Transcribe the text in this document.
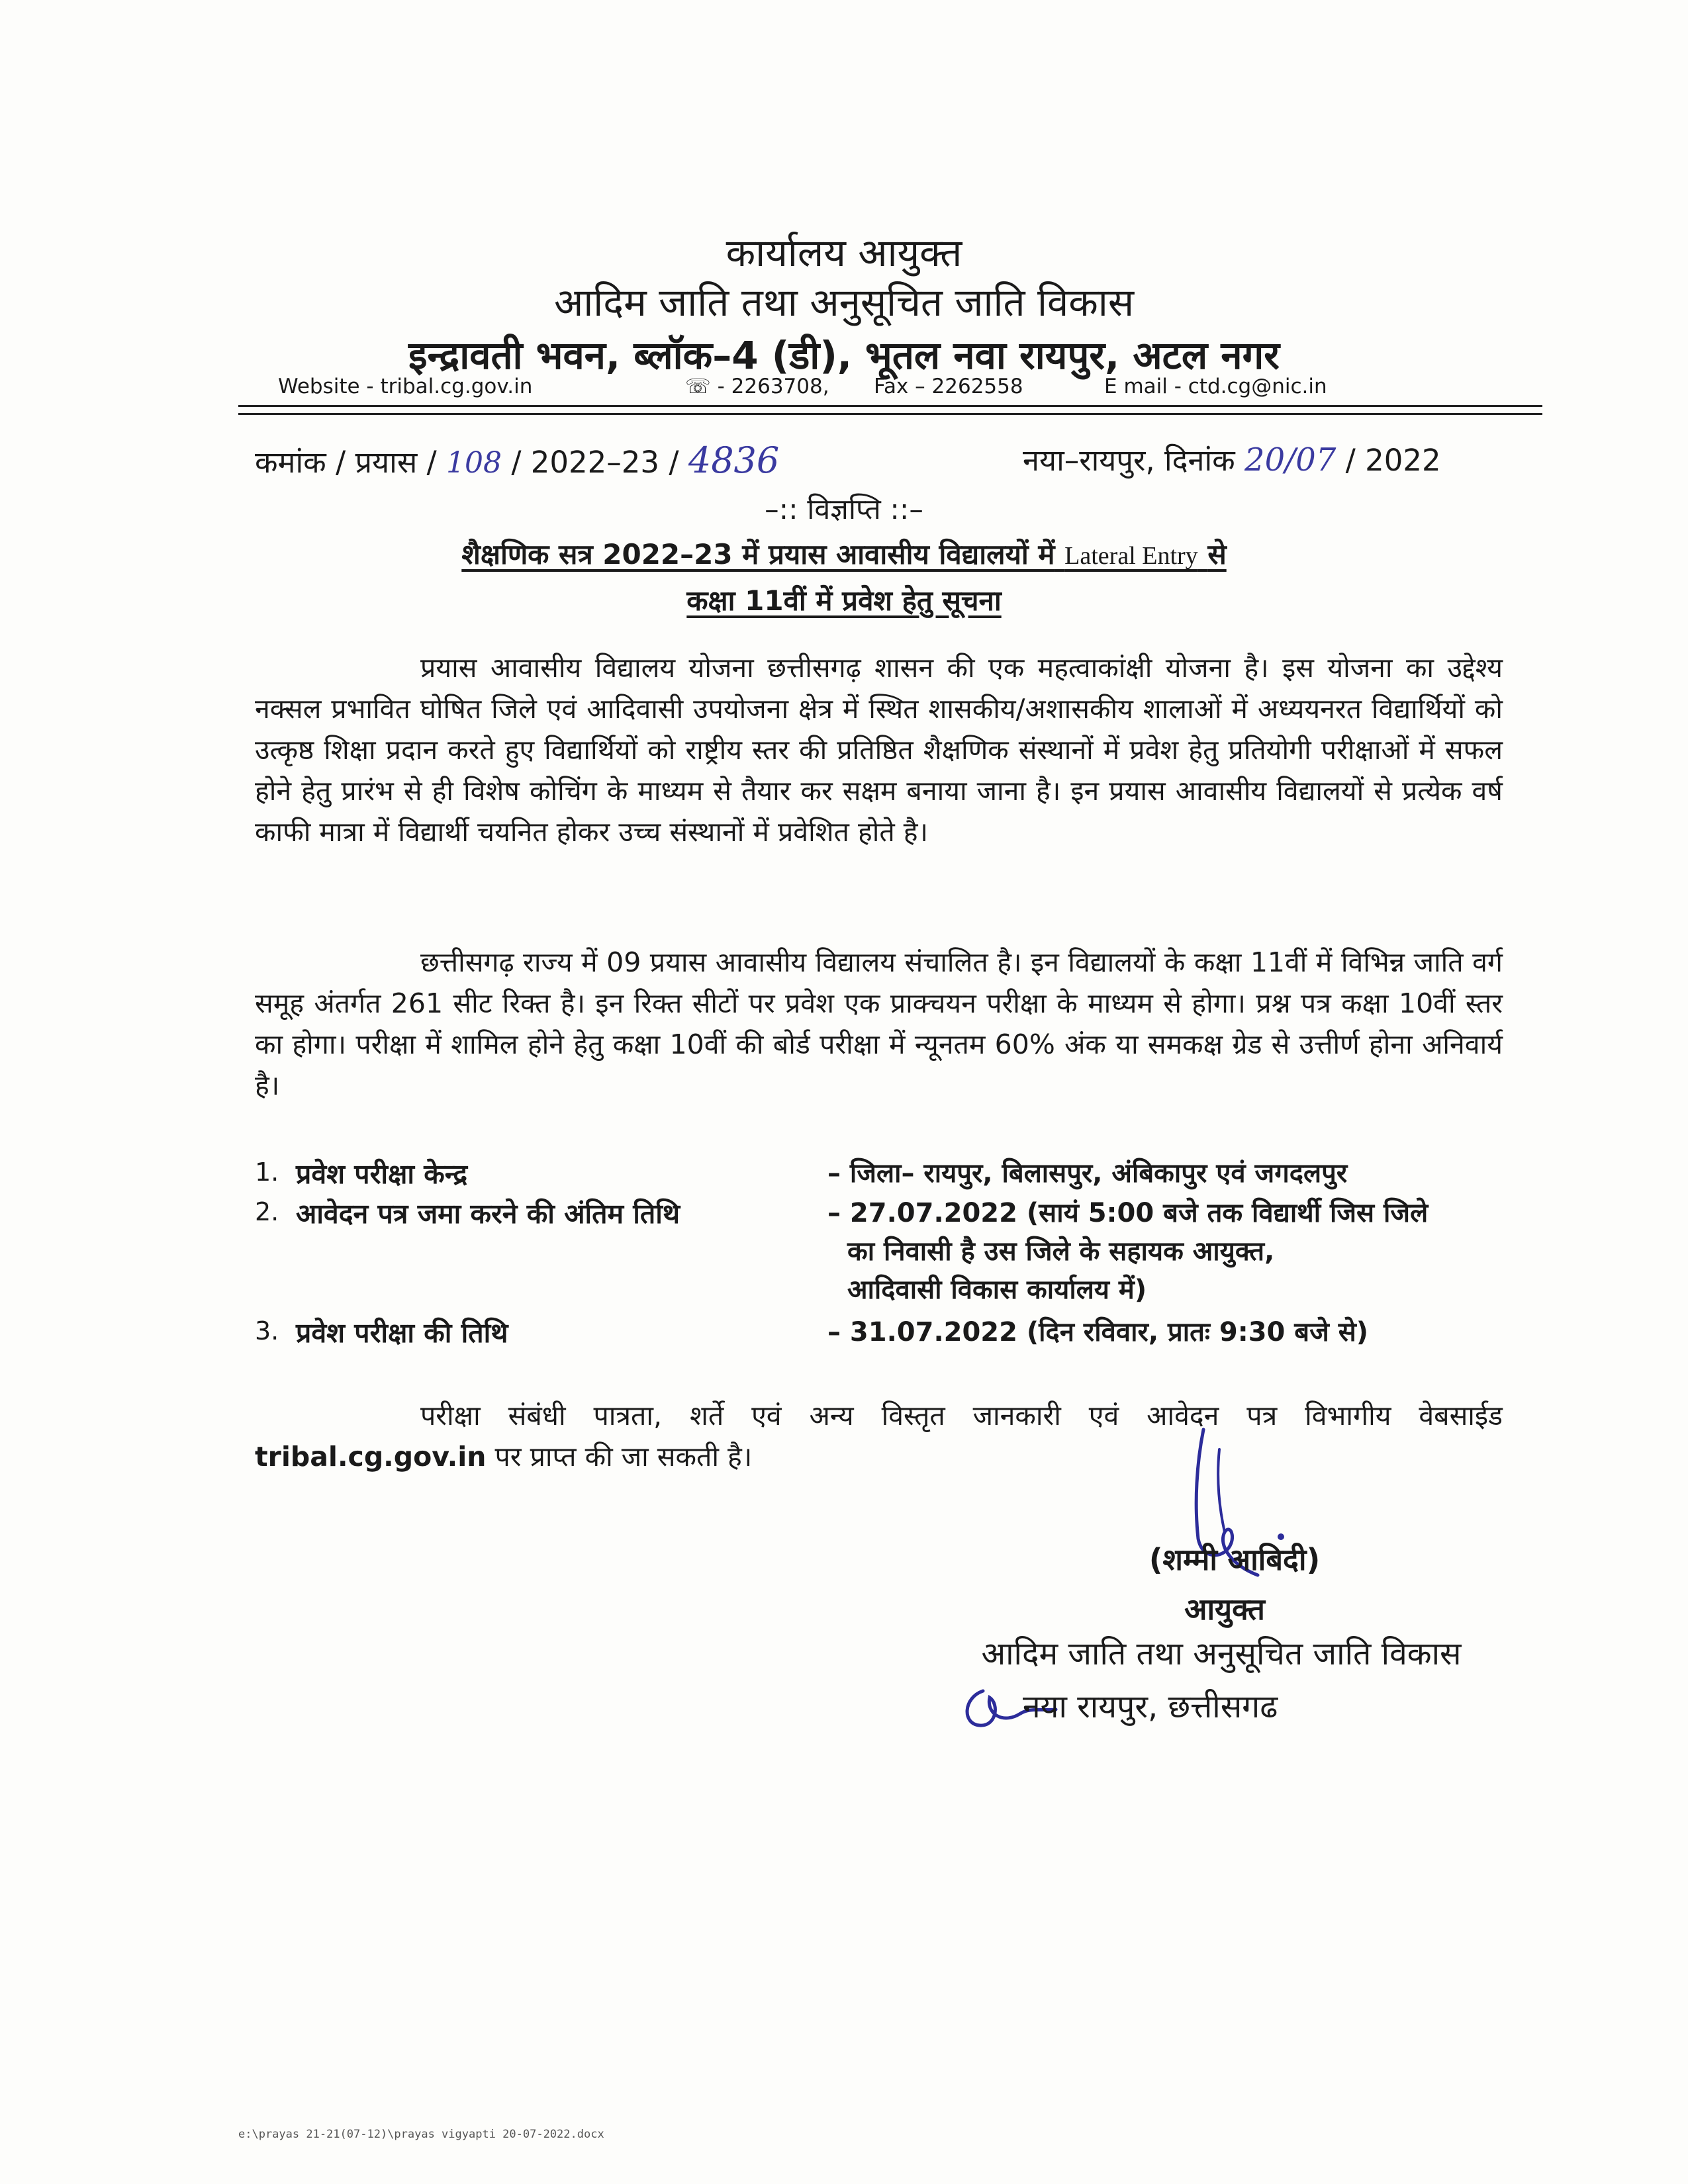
कार्यालय आयुक्त
आदिम जाति तथा अनुसूचित जाति विकास
इन्द्रावती भवन, ब्लॉक–4 (डी), भूतल नवा रायपुर, अटल नगर
Website - tribal.cg.gov.in	☏ - 2263708, Fax – 2262558	E mail - ctd.cg@nic.in
कमांक / प्रयास / 108 / 2022–23 / 4836	नया–रायपुर, दिनांक 20/07 / 2022
–:: विज्ञप्ति ::–
शैक्षणिक सत्र 2022–23 में प्रयास आवासीय विद्यालयों में Lateral Entry से
कक्षा 11वीं में प्रवेश हेतु सूचना

प्रयास आवासीय विद्यालय योजना छत्तीसगढ़ शासन की एक महत्वाकांक्षी योजना है। इस योजना का उद्देश्य नक्सल प्रभावित घोषित जिले एवं आदिवासी उपयोजना क्षेत्र में स्थित शासकीय/अशासकीय शालाओं में अध्ययनरत विद्यार्थियों को उत्कृष्ठ शिक्षा प्रदान करते हुए विद्यार्थियों को राष्ट्रीय स्तर की प्रतिष्ठित शैक्षणिक संस्थानों में प्रवेश हेतु प्रतियोगी परीक्षाओं में सफल होने हेतु प्रारंभ से ही विशेष कोचिंग के माध्यम से तैयार कर सक्षम बनाया जाना है। इन प्रयास आवासीय विद्यालयों से प्रत्येक वर्ष काफी मात्रा में विद्यार्थी चयनित होकर उच्च संस्थानों में प्रवेशित होते है।

छत्तीसगढ़ राज्य में 09 प्रयास आवासीय विद्यालय संचालित है। इन विद्यालयों के कक्षा 11वीं में विभिन्न जाति वर्ग समूह अंतर्गत 261 सीट रिक्त है। इन रिक्त सीटों पर प्रवेश एक प्राक्चयन परीक्षा के माध्यम से होगा। प्रश्न पत्र कक्षा 10वीं स्तर का होगा। परीक्षा में शामिल होने हेतु कक्षा 10वीं की बोर्ड परीक्षा में न्यूनतम 60% अंक या समकक्ष ग्रेड से उत्तीर्ण होना अनिवार्य है।

1. प्रवेश परीक्षा केन्द्र	– जिला– रायपुर, बिलासपुर, अंबिकापुर एवं जगदलपुर
2. आवेदन पत्र जमा करने की अंतिम तिथि	– 27.07.2022 (सायं 5:00 बजे तक विद्यार्थी जिस जिले
का निवासी है उस जिले के सहायक आयुक्त,
आदिवासी विकास कार्यालय में)
3. प्रवेश परीक्षा की तिथि	– 31.07.2022 (दिन रविवार, प्रातः 9:30 बजे से)

परीक्षा संबंधी पात्रता, शर्ते एवं अन्य विस्तृत जानकारी एवं आवेदन पत्र विभागीय वेबसाईड tribal.cg.gov.in पर प्राप्त की जा सकती है।

(शम्मी आबिदी)
आयुक्त
आदिम जाति तथा अनुसूचित जाति विकास
नया रायपुर, छत्तीसगढ
e:\prayas 21-21(07-12)\prayas vigyapti 20-07-2022.docx
